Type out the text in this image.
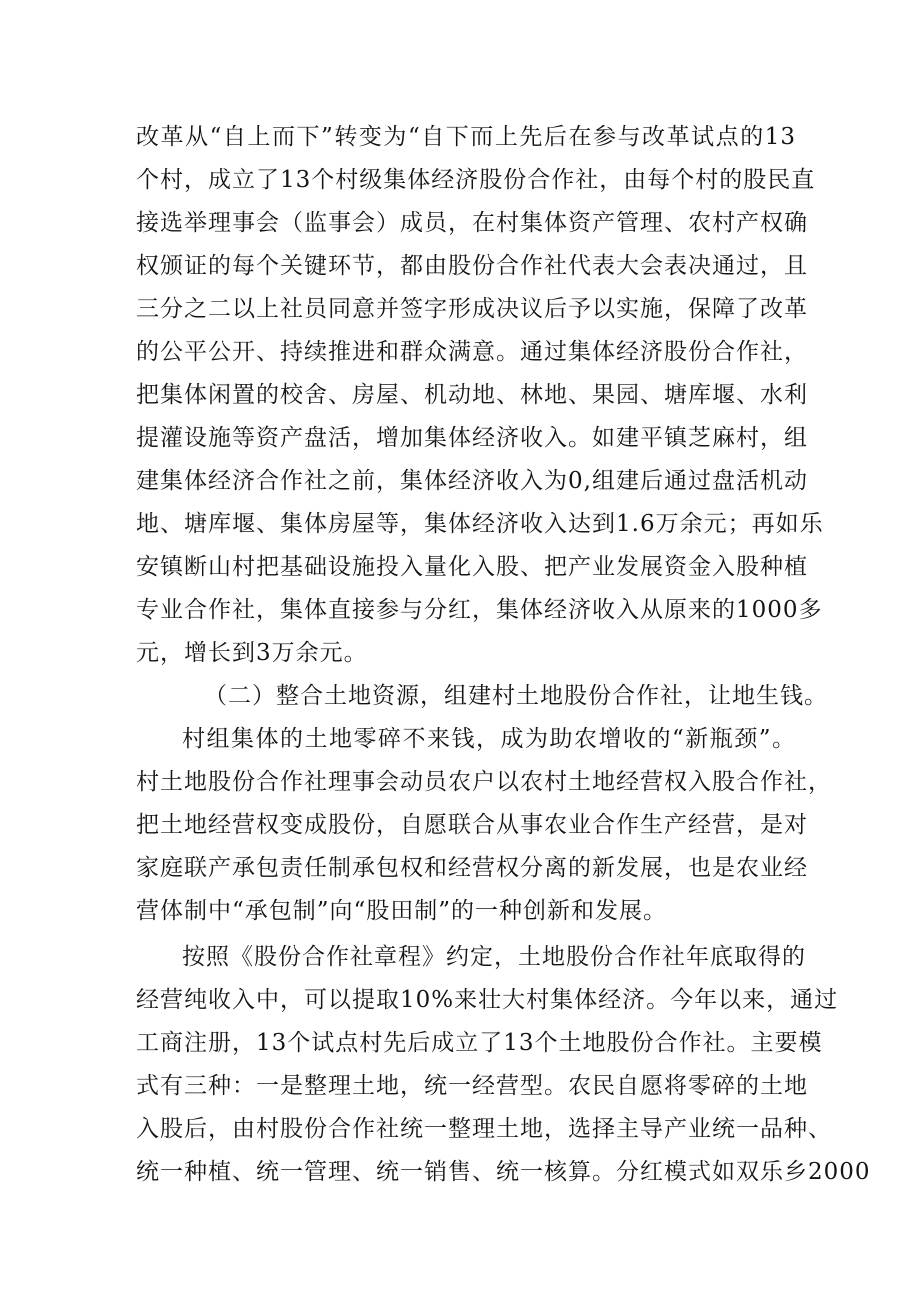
改革从“自上而下”转变为“自下而上先后在参与改革试点的13
个村，成立了13个村级集体经济股份合作社，由每个村的股民直
接选举理事会（监事会）成员，在村集体资产管理、农村产权确
权颁证的每个关键环节，都由股份合作社代表大会表决通过，且
三分之二以上社员同意并签字形成决议后予以实施，保障了改革
的公平公开、持续推进和群众满意。通过集体经济股份合作社，
把集体闲置的校舍、房屋、机动地、林地、果园、塘库堰、水利
提灌设施等资产盘活，增加集体经济收入。如建平镇芝麻村，组
建集体经济合作社之前，集体经济收入为0,组建后通过盘活机动
地、塘库堰、集体房屋等，集体经济收入达到1.6万余元；再如乐
安镇断山村把基础设施投入量化入股、把产业发展资金入股种植
专业合作社，集体直接参与分红，集体经济收入从原来的1000多
元，增长到3万余元。
（二）整合土地资源，组建村土地股份合作社，让地生钱。
村组集体的土地零碎不来钱，成为助农增收的“新瓶颈”。
村土地股份合作社理事会动员农户以农村土地经营权入股合作社，
把土地经营权变成股份，自愿联合从事农业合作生产经营，是对
家庭联产承包责任制承包权和经营权分离的新发展，也是农业经
营体制中“承包制”向“股田制”的一种创新和发展。
按照《股份合作社章程》约定，土地股份合作社年底取得的
经营纯收入中，可以提取10%来壮大村集体经济。今年以来，通过
工商注册，13个试点村先后成立了13个土地股份合作社。主要模
式有三种：一是整理土地，统一经营型。农民自愿将零碎的土地
入股后，由村股份合作社统一整理土地，选择主导产业统一品种、
统一种植、统一管理、统一销售、统一核算。分红模式如双乐乡2000
